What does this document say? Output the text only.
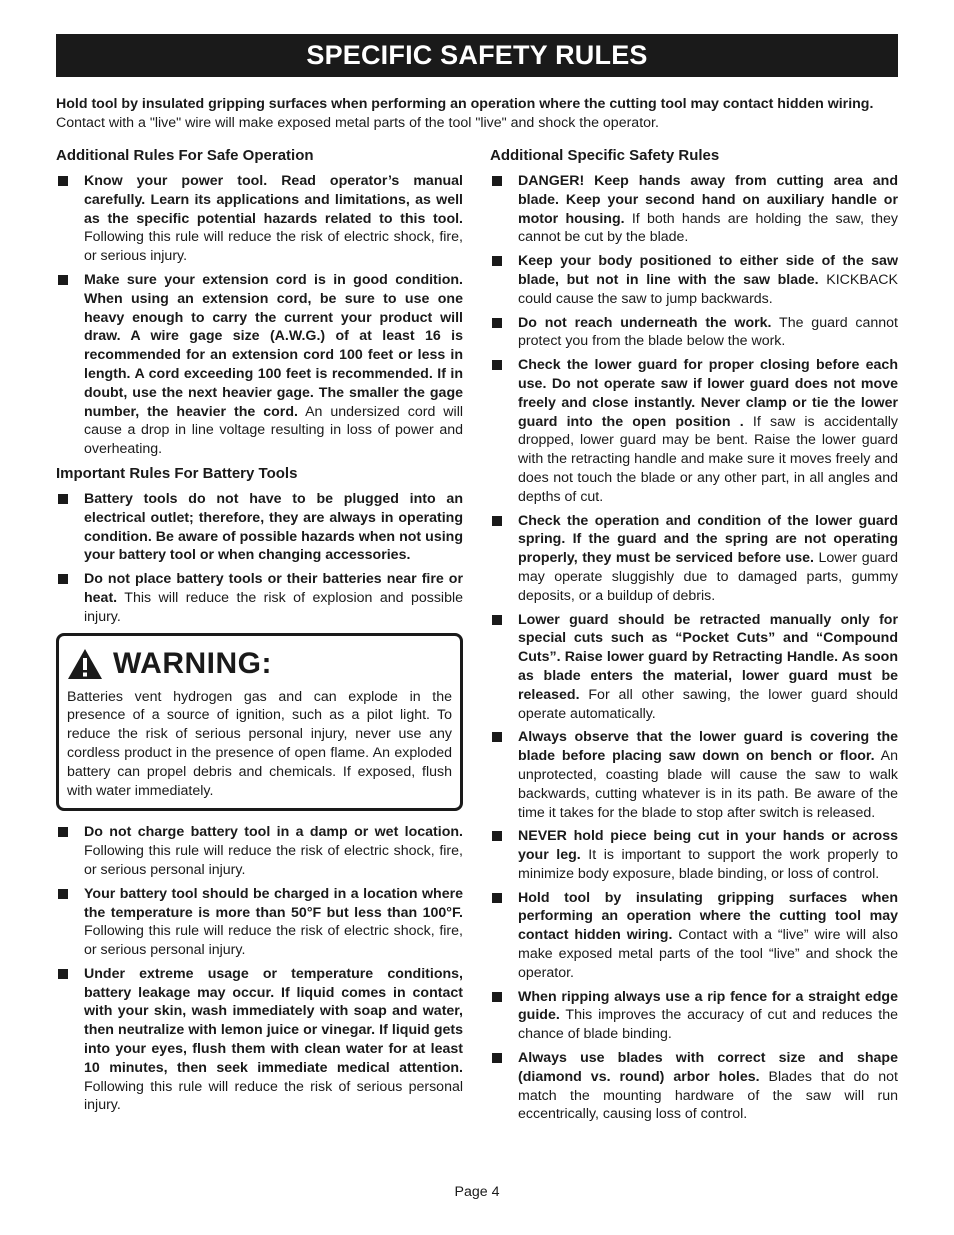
SPECIFIC SAFETY RULES
Hold tool by insulated gripping surfaces when performing an operation where the cutting tool may contact hidden wiring. Contact with a "live" wire will make exposed metal parts of the tool "live" and shock the operator.
Additional Rules For Safe Operation
Know your power tool. Read operator’s manual carefully. Learn its applications and limitations, as well as the specific potential hazards related to this tool. Following this rule will reduce the risk of electric shock, fire, or serious injury.
Make sure your extension cord is in good condition. When using an extension cord, be sure to use one heavy enough to carry the current your product will draw. A wire gage size (A.W.G.) of at least 16 is recommended for an extension cord 100 feet or less in length. A cord exceeding 100 feet is recommended. If in doubt, use the next heavier gage. The smaller the gage number, the heavier the cord. An undersized cord will cause a drop in line voltage resulting in loss of power and overheating.
Important Rules For Battery Tools
Battery tools do not have to be plugged into an electrical outlet; therefore, they are always in operating condition. Be aware of possible hazards when not using your battery tool or when changing accessories.
Do not place battery tools or their batteries near fire or heat. This will reduce the risk of explosion and possible injury.
WARNING:
Batteries vent hydrogen gas and can explode in the presence of a source of ignition, such as a pilot light. To reduce the risk of serious personal injury, never use any cordless product in the presence of open flame. An exploded battery can propel debris and chemicals. If exposed, flush with water immediately.
Do not charge battery tool in a damp or wet location. Following this rule will reduce the risk of electric shock, fire, or serious personal injury.
Your battery tool should be charged in a location where the temperature is more than 50°F but less than 100°F. Following this rule will reduce the risk of electric shock, fire, or serious personal injury.
Under extreme usage or temperature conditions, battery leakage may occur. If liquid comes in contact with your skin, wash immediately with soap and water, then neutralize with lemon juice or vinegar. If liquid gets into your eyes, flush them with clean water for at least 10 minutes, then seek immediate medical attention. Following this rule will reduce the risk of serious personal injury.
Additional Specific Safety Rules
DANGER! Keep hands away from cutting area and blade. Keep your second hand on auxiliary handle or motor housing. If both hands are holding the saw, they cannot be cut by the blade.
Keep your body positioned to either side of the saw blade, but not in line with the saw blade. KICKBACK could cause the saw to jump backwards.
Do not reach underneath the work. The guard cannot protect you from the blade below the work.
Check the lower guard for proper closing before each use. Do not operate saw if lower guard does not move freely and close instantly. Never clamp or tie the lower guard into the open position . If saw is accidentally dropped, lower guard may be bent. Raise the lower guard with the retracting handle and make sure it moves freely and does not touch the blade or any other part, in all angles and depths of cut.
Check the operation and condition of the lower guard spring. If the guard and the spring are not operating properly, they must be serviced before use. Lower guard may operate sluggishly due to damaged parts, gummy deposits, or a buildup of debris.
Lower guard should be retracted manually only for special cuts such as “Pocket Cuts” and “Compound Cuts”. Raise lower guard by Retracting Handle. As soon as blade enters the material, lower guard must be released. For all other sawing, the lower guard should operate automatically.
Always observe that the lower guard is covering the blade before placing saw down on bench or floor. An unprotected, coasting blade will cause the saw to walk backwards, cutting whatever is in its path. Be aware of the time it takes for the blade to stop after switch is released.
NEVER hold piece being cut in your hands or across your leg. It is important to support the work properly to minimize body exposure, blade binding, or loss of control.
Hold tool by insulating gripping surfaces when performing an operation where the cutting tool may contact hidden wiring. Contact with a “live” wire will also make exposed metal parts of the tool “live” and shock the operator.
When ripping always use a rip fence for a straight edge guide. This improves the accuracy of cut and reduces the chance of blade binding.
Always use blades with correct size and shape (diamond vs. round) arbor holes. Blades that do not match the mounting hardware of the saw will run eccentrically, causing loss of control.
Page 4
